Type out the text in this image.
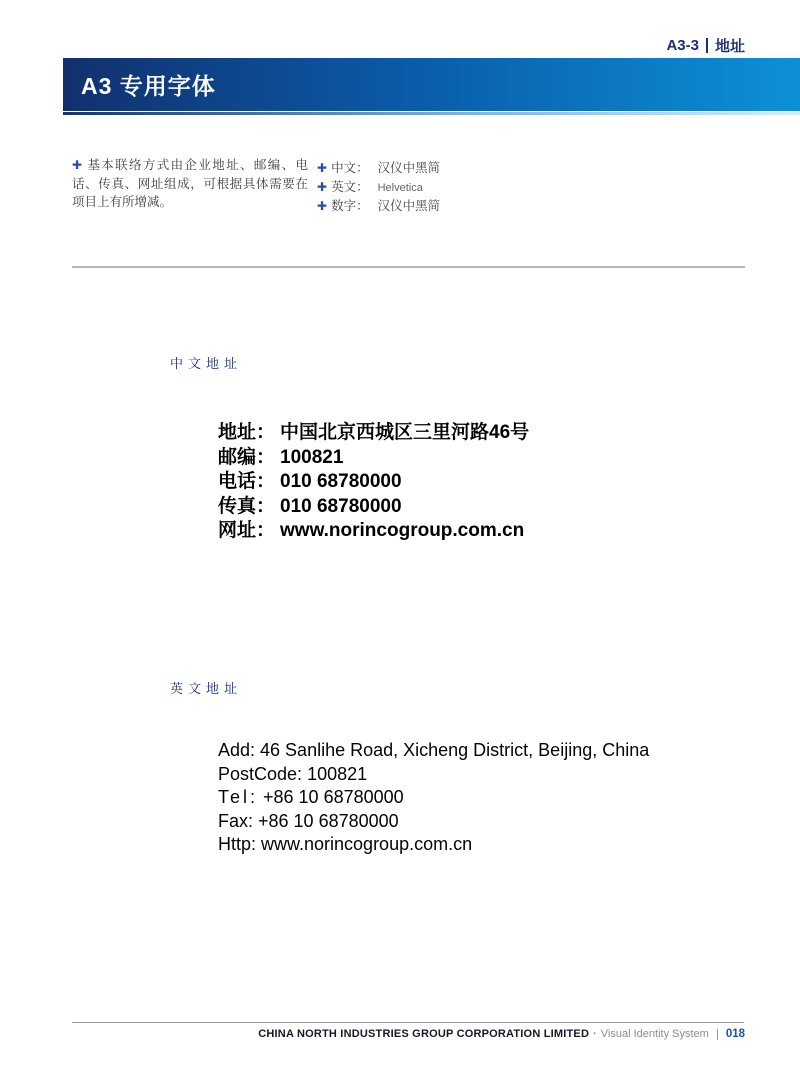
A3-3 地址
A3 专用字体
✚ 基本联络方式由企业地址、邮编、电话、传真、网址组成，可根据具体需要在项目上有所增减。
✚ 中文： 汉仪中黑简
✚ 英文： Helvetica
✚ 数字： 汉仪中黑简
中文地址
地址： 中国北京西城区三里河路46号
邮编： 100821
电话： 010 68780000
传真： 010 68780000
网址： www.norincogroup.com.cn
英文地址
Add: 46 Sanlihe Road, Xicheng District, Beijing, China
PostCode: 100821
Tel: +86 10 68780000
Fax: +86 10 68780000
Http: www.norincogroup.com.cn
CHINA NORTH INDUSTRIES GROUP CORPORATION LIMITED · Visual Identity System 018
